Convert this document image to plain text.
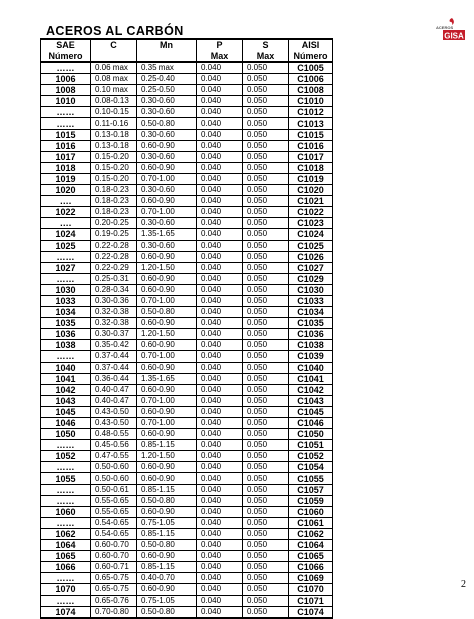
ACEROS
GISA
ACEROS AL CARBÓN
SAE	C	Mn	P	S	AISI
Número			Max	Max	Número
……	0.06 max	0.35 max	0.040	0.050	C1005
1006	0.08 max	0.25-0.40	0.040	0.050	C1006
1008	0.10 max	0.25-0.50	0.040	0.050	C1008
1010	0.08-0.13	0.30-0.60	0.040	0.050	C1010
……	0.10-0.15	0.30-0.60	0.040	0.050	C1012
……	0.11-0.16	0.50-0.80	0.040	0.050	C1013
1015	0.13-0.18	0.30-0.60	0.040	0.050	C1015
1016	0.13-0.18	0.60-0.90	0.040	0.050	C1016
1017	0.15-0.20	0.30-0.60	0.040	0.050	C1017
1018	0.15-0.20	0.60-0.90	0.040	0.050	C1018
1019	0.15-0.20	0.70-1.00	0.040	0.050	C1019
1020	0.18-0.23	0.30-0.60	0.040	0.050	C1020
….	0.18-0.23	0.60-0.90	0.040	0.050	C1021
1022	0.18-0.23	0.70-1.00	0.040	0.050	C1022
….	0.20-0.25	0.30-0.60	0.040	0.050	C1023
1024	0.19-0.25	1.35-1.65	0.040	0.050	C1024
1025	0.22-0.28	0.30-0.60	0.040	0.050	C1025
……	0.22-0.28	0.60-0.90	0.040	0.050	C1026
1027	0.22-0.29	1.20-1.50	0.040	0.050	C1027
……	0.25-0.31	0.60-0.90	0.040	0.050	C1029
1030	0.28-0.34	0.60-0.90	0.040	0.050	C1030
1033	0.30-0.36	0.70-1.00	0.040	0.050	C1033
1034	0.32-0.38	0.50-0.80	0.040	0.050	C1034
1035	0.32-0.38	0.60-0.90	0.040	0.050	C1035
1036	0.30-0.37	1.20-1.50	0.040	0.050	C1036
1038	0.35-0.42	0.60-0.90	0.040	0.050	C1038
……	0.37-0.44	0.70-1.00	0.040	0.050	C1039
1040	0.37-0.44	0.60-0.90	0.040	0.050	C1040
1041	0.36-0.44	1.35-1.65	0.040	0.050	C1041
1042	0.40-0.47	0.60-0.90	0.040	0.050	C1042
1043	0.40-0.47	0.70-1.00	0.040	0.050	C1043
1045	0.43-0.50	0.60-0.90	0.040	0.050	C1045
1046	0.43-0.50	0.70-1.00	0.040	0.050	C1046
1050	0.48-0.55	0.60-0.90	0.040	0.050	C1050
……	0.45-0.56	0.85-1.15	0.040	0.050	C1051
1052	0.47-0.55	1.20-1.50	0.040	0.050	C1052
……	0.50-0.60	0.60-0.90	0.040	0.050	C1054
1055	0.50-0.60	0.60-0.90	0.040	0.050	C1055
……	0.50-0.61	0.85-1.15	0.040	0.050	C1057
……	0.55-0.65	0.50-0.80	0.040	0.050	C1059
1060	0.55-0.65	0.60-0.90	0.040	0.050	C1060
……	0.54-0.65	0.75-1.05	0.040	0.050	C1061
1062	0.54-0.65	0.85-1.15	0.040	0.050	C1062
1064	0.60-0.70	0.50-0.80	0.040	0.050	C1064
1065	0.60-0.70	0.60-0.90	0.040	0.050	C1065
1066	0.60-0.71	0.85-1.15	0.040	0.050	C1066
……	0.65-0.75	0.40-0.70	0.040	0.050	C1069
1070	0.65-0.75	0.60-0.90	0.040	0.050	C1070
……	0.65-0.76	0.75-1.05	0.040	0.050	C1071
1074	0.70-0.80	0.50-0.80	0.040	0.050	C1074
2
